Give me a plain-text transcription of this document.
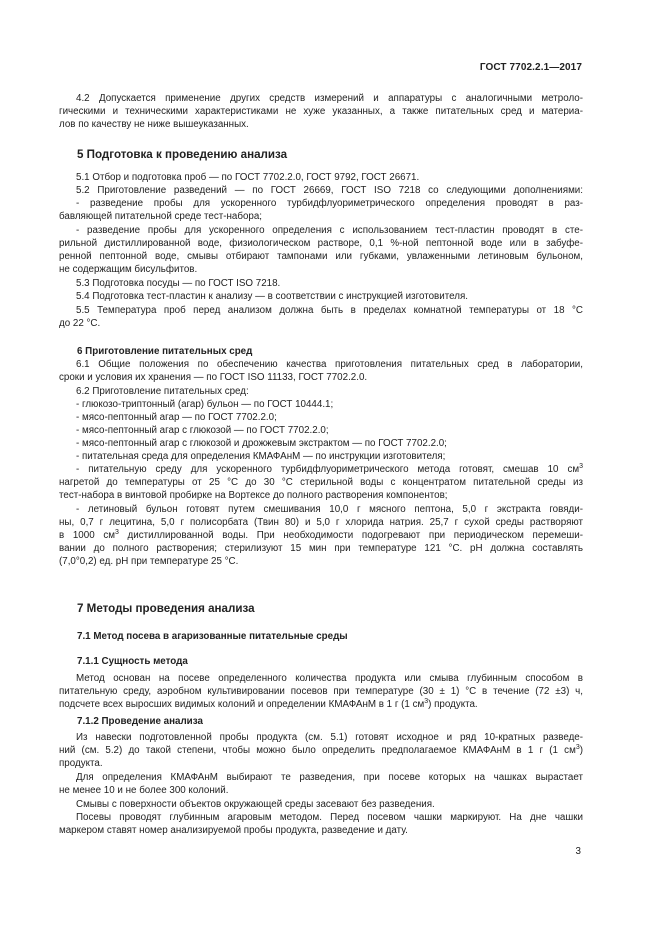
ГОСТ 7702.2.1—2017
4.2 Допускается применение других средств измерений и аппаратуры с аналогичными метроло-
гическими и техническими характеристиками не хуже указанных, а также питательных сред и материа-
лов по качеству не ниже вышеуказанных.
5 Подготовка к проведению анализа
5.1 Отбор и подготовка проб — по ГОСТ 7702.2.0, ГОСТ 9792, ГОСТ 26671.
5.2 Приготовление разведений — по ГОСТ 26669, ГОСТ ISO 7218 со следующими дополнениями:
- разведение пробы для ускоренного турбидфлуориметрического определения проводят в раз-
бавляющей питательной среде тест-набора;
- разведение пробы для ускоренного определения с использованием тест-пластин проводят в сте-
рильной дистиллированной воде, физиологическом растворе, 0,1 %-ной пептонной воде или в забуфе-
ренной пептонной воде, смывы отбирают тампонами или губками, увлаженными летиновым бульоном,
не содержащим бисульфитов.
5.3 Подготовка посуды — по ГОСТ ISO 7218.
5.4 Подготовка тест-пластин к анализу — в соответствии с инструкцией изготовителя.
5.5 Температура проб перед анализом должна быть в пределах комнатной температуры от 18 °С
до 22 °С.
6 Приготовление питательных сред
6.1 Общие положения по обеспечению качества приготовления питательных сред в лаборатории,
сроки и условия их хранения — по ГОСТ ISO 11133, ГОСТ 7702.2.0.
6.2 Приготовление питательных сред:
- глюкозо-триптонный (агар) бульон — по ГОСТ 10444.1;
- мясо-пептонный агар — по ГОСТ 7702.2.0;
- мясо-пептонный агар с глюкозой — по ГОСТ 7702.2.0;
- мясо-пептонный агар с глюкозой и дрожжевым экстрактом — по ГОСТ 7702.2.0;
- питательная среда для определения КМАФАнМ — по инструкции изготовителя;
- питательную среду для ускоренного турбидфлуориметрического метода готовят, смешав 10 $см^3$
нагретой до температуры от 25 °С до 30 °С стерильной воды с концентратом питательной среды из
тест-набора в винтовой пробирке на Вортексе до полного растворения компонентов;
- летиновый бульон готовят путем смешивания 10,0 г мясного пептона, 5,0 г экстракта говяди-
ны, 0,7 г лецитина, 5,0 г полисорбата (Твин 80) и 5,0 г хлорида натрия. 25,7 г сухой среды растворяют
в 1000 $см^3$ дистиллированной воды. При необходимости подогревают при периодическом перемеши-
вании до полного растворения; стерилизуют 15 мин при температуре 121 °С. pH должна составлять
(7,0°0,2) ед. pH при температуре 25 °С.
7 Методы проведения анализа
7.1 Метод посева в агаризованные питательные среды
7.1.1 Сущность метода
Метод основан на посеве определенного количества продукта или смыва глубинным способом в
питательную среду, аэробном культивировании посевов при температуре (30 ± 1) °С в течение (72 ±3) ч,
подсчете всех выросших видимых колоний и определении КМАФАнМ в 1 г (1 $см^3$) продукта.
7.1.2 Проведение анализа
Из навески подготовленной пробы продукта (см. 5.1) готовят исходное и ряд 10-кратных разведе-
ний (см. 5.2) до такой степени, чтобы можно было определить предполагаемое КМАФАнМ в 1 г (1 $см^3$)
продукта.
Для определения КМАФАнМ выбирают те разведения, при посеве которых на чашках вырастает
не менее 10 и не более 300 колоний.
Смывы с поверхности объектов окружающей среды засевают без разведения.
Посевы проводят глубинным агаровым методом. Перед посевом чашки маркируют. На дне чашки
маркером ставят номер анализируемой пробы продукта, разведение и дату.
3
